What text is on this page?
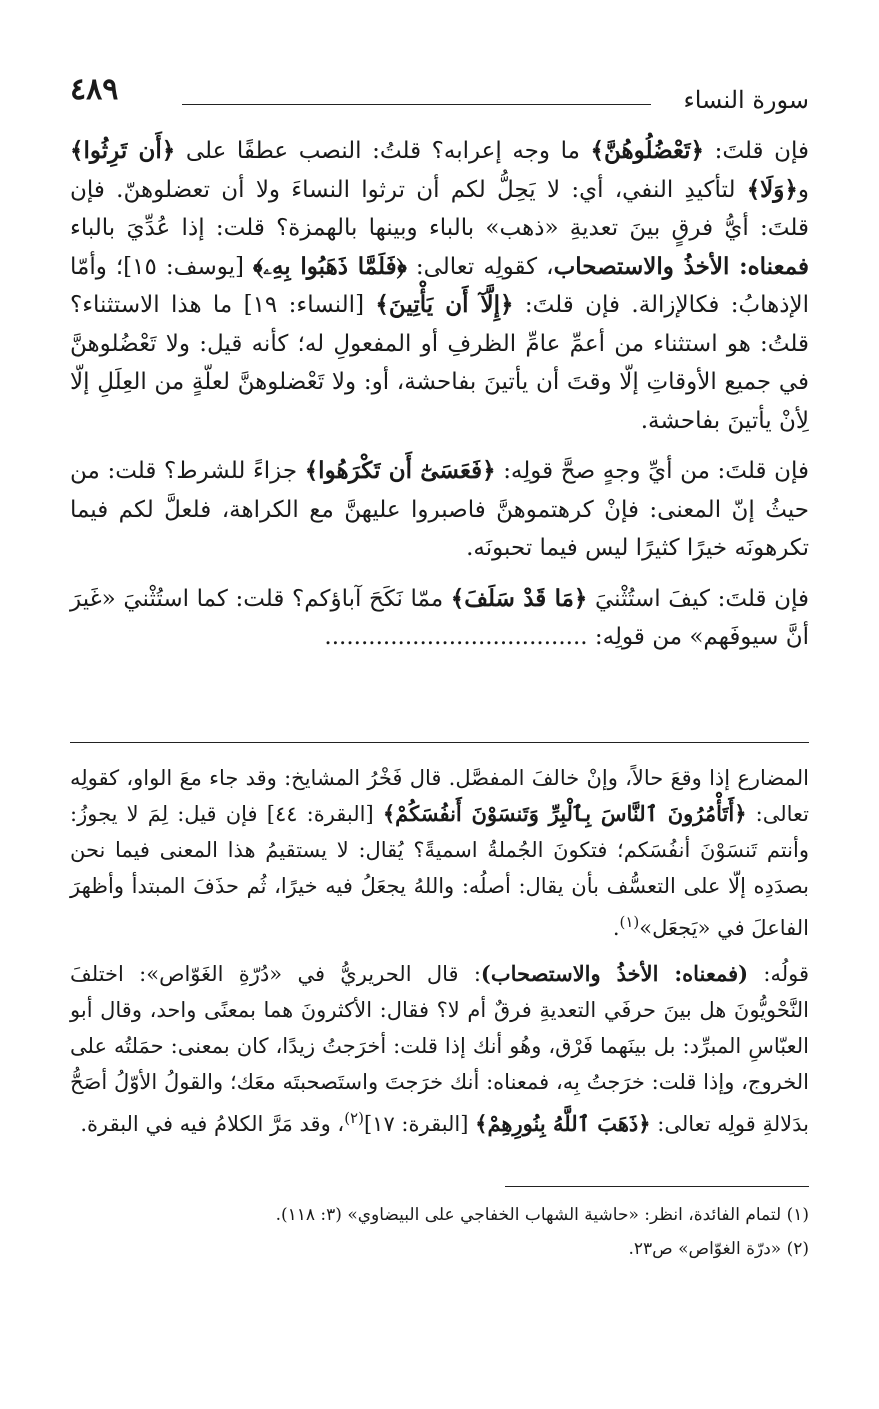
سورة النساء
٤٨٩

فإن قلتَ: ﴿تَعْضُلُوهُنَّ﴾ ما وجه إعرابه؟ قلتُ: النصب عطفًا على ﴿أَن تَرِثُوا﴾ و﴿وَلَا﴾ لتأكيدِ النفي، أي: لا يَحِلُّ لكم أن ترثوا النساءَ ولا أن تعضلوهنّ. فإن قلتَ: أيُّ فرقٍ بينَ تعديةِ «ذهب» بالباء وبينها بالهمزة؟ قلت: إذا عُدِّيَ بالباء فمعناه: الأخذُ والاستصحاب، كقولِه تعالى: ﴿فَلَمَّا ذَهَبُوا بِهِۦ﴾ [يوسف: ١٥]؛ وأمّا الإذهابُ: فكالإزالة. فإن قلتَ: ﴿إِلَّآ أَن يَأْتِينَ﴾ [النساء: ١٩] ما هذا الاستثناء؟ قلتُ: هو استثناء من أعمِّ عامِّ الظرفِ أو المفعولِ له؛ كأنه قيل: ولا تَعْضُلوهنَّ في جميع الأوقاتِ إلّا وقتَ أن يأتينَ بفاحشة، أو: ولا تَعْضلوهنَّ لعلّةٍ من العِلَلِ إلّا لِأنْ يأتينَ بفاحشة.

فإن قلتَ: من أيِّ وجهٍ صحَّ قولِه: ﴿فَعَسَىٰٓ أَن تَكْرَهُوا﴾ جزاءً للشرط؟ قلت: من حيثُ إنّ المعنى: فإنْ كرهتموهنَّ فاصبروا عليهنَّ مع الكراهة، فلعلَّ لكم فيما تكرهونَه خيرًا كثيرًا ليس فيما تحبونَه.

فإن قلتَ: كيفَ استُثْنيَ ﴿مَا قَدْ سَلَفَ﴾ ممّا نَكَحَ آباؤكم؟ قلت: كما استُثْنيَ «غَيرَ أنَّ سيوفَهم» من قولِه: ....................................

المضارع إذا وقعَ حالاً، وإنْ خالفَ المفصَّل. قال فَخْرُ المشايخ: وقد جاء معَ الواو، كقولِه تعالى: ﴿أَتَأْمُرُونَ ٱلنَّاسَ بِٱلْبِرِّ وَتَنسَوْنَ أَنفُسَكُمْ﴾ [البقرة: ٤٤] فإن قيل: لِمَ لا يجوزُ: وأنتم تَنسَوْنَ أنفُسَكم؛ فتكونَ الجُملةُ اسميةً؟ يُقال: لا يستقيمُ هذا المعنى فيما نحن بصدَدِه إلّا على التعسُّف بأن يقال: أصلُه: واللهُ يجعَلُ فيه خيرًا، ثُم حذَفَ المبتدأ وأظهرَ الفاعلَ في «يَجعَل»$^{(١)}$.

قولُه: (فمعناه: الأخذُ والاستصحاب): قال الحريريُّ في «دُرّةِ الغَوّاص»: اختلفَ النَّحْويُّونَ هل بينَ حرفَي التعديةِ فرقٌ أم لا؟ فقال: الأكثرونَ هما بمعنًى واحد، وقال أبو العبّاسِ المبرِّد: بل بينَهما فَرْق، وهُو أنك إذا قلت: أخرَجتُ زيدًا، كان بمعنى: حمَلتُه على الخروج، وإذا قلت: خرَجتُ بِه، فمعناه: أنك خرَجتَ واستَصحبتَه معَك؛ والقولُ الأوّلُ أصَحُّ بدَلالةِ قولِه تعالى: ﴿ذَهَبَ ٱللَّهُ بِنُورِهِمْ﴾ [البقرة: ١٧]$^{(٢)}$، وقد مَرَّ الكلامُ فيه في البقرة.

(١) لتمام الفائدة، انظر: «حاشية الشهاب الخفاجي على البيضاوي» (٣: ١١٨).

(٢) «درّة الغوّاص» ص٢٣.
